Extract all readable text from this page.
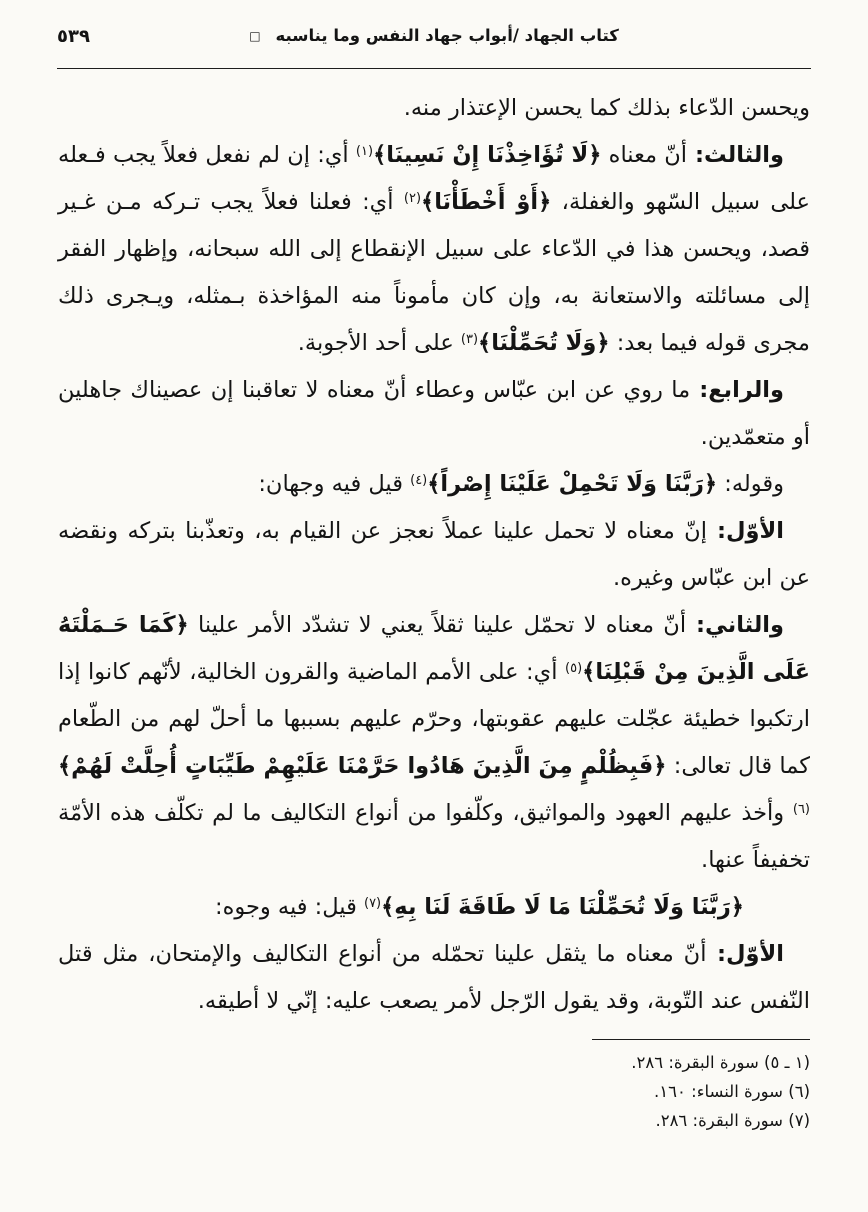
كتاب الجهاد /أبواب جهاد النفس وما يناسبه □
٥٣٩

ويحسن الدّعاء بذلك كما يحسن الإعتذار منه.

والثالث: أنّ معناه ﴿لَا تُؤَاخِذْنَا إِنْ نَسِينَا﴾$^{(١)}$ أي: إن لم نفعل فعلاً يجب فـعله على سبيل السّهو والغفلة، ﴿أَوْ أَخْطَأْنَا﴾$^{(٢)}$ أي: فعلنا فعلاً يجب تـركه مـن غـير قصد، ويحسن هذا في الدّعاء على سبيل الإنقطاع إلى الله سبحانه، وإظهار الفقر إلى مسائلته والاستعانة به، وإن كان مأموناً منه المؤاخذة بـمثله، ويـجرى ذلك مجرى قوله فيما بعد: ﴿وَلَا تُحَمِّلْنَا﴾$^{(٣)}$ على أحد الأجوبة.

والرابع: ما روي عن ابن عبّاس وعطاء أنّ معناه لا تعاقبنا إن عصيناك جاهلين أو متعمّدين.

وقوله: ﴿رَبَّنَا وَلَا تَحْمِلْ عَلَيْنَا إِصْراً﴾$^{(٤)}$ قيل فيه وجهان:

الأوّل: إنّ معناه لا تحمل علينا عملاً نعجز عن القيام به، وتعذّبنا بتركه ونقضه عن ابن عبّاس وغيره.

والثاني: أنّ معناه لا تحمّل علينا ثقلاً يعني لا تشدّد الأمر علينا ﴿كَمَا حَـمَلْتَهُ عَلَى الَّذِينَ مِنْ قَبْلِنَا﴾$^{(٥)}$ أي: على الأمم الماضية والقرون الخالية، لأنّهم كانوا إذا ارتكبوا خطيئة عجّلت عليهم عقوبتها، وحرّم عليهم بسببها ما أحلّ لهم من الطّعام كما قال تعالى: ﴿فَبِظُلْمٍ مِنَ الَّذِينَ هَادُوا حَرَّمْنَا عَلَيْهِمْ طَيِّبَاتٍ أُحِلَّتْ لَهُمْ﴾$^{(٦)}$ وأخذ عليهم العهود والمواثيق، وكلّفوا من أنواع التكاليف ما لم تكلّف هذه الأمّة تخفيفاً عنها.

﴿رَبَّنَا وَلَا تُحَمِّلْنَا مَا لَا طَاقَةَ لَنَا بِهِ﴾$^{(٧)}$ قيل: فيه وجوه:

الأوّل: أنّ معناه ما يثقل علينا تحمّله من أنواع التكاليف والإمتحان، مثل قتل النّفس عند التّوبة، وقد يقول الرّجل لأمر يصعب عليه: إنّي لا أطيقه.

(١ ـ ٥) سورة البقرة: ٢٨٦.
(٦) سورة النساء: ١٦٠.
(٧) سورة البقرة: ٢٨٦.
